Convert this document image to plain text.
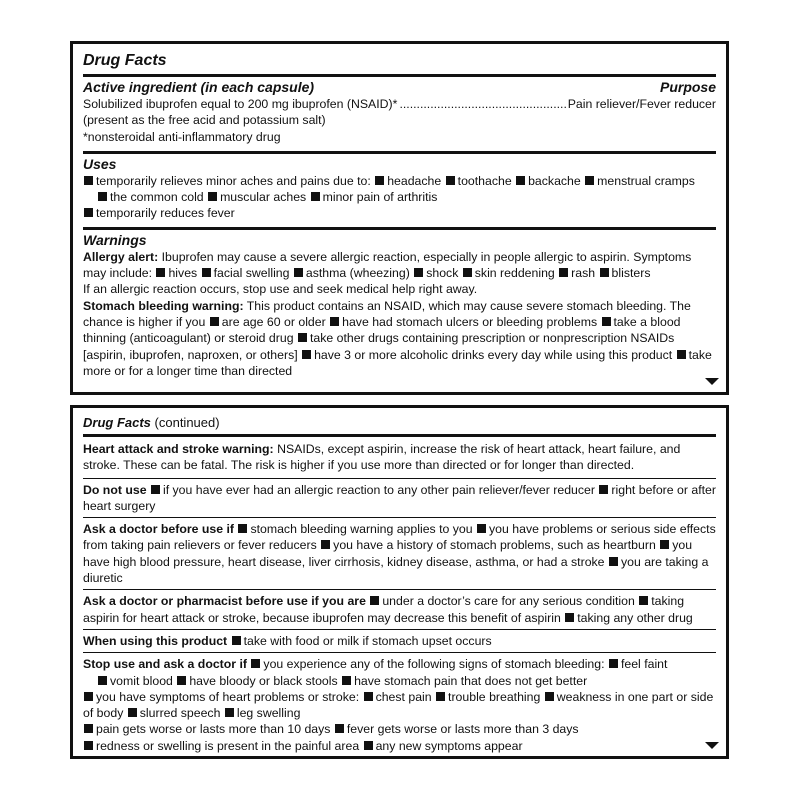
Drug Facts
Active ingredient (in each capsule)	Purpose
Solubilized ibuprofen equal to 200 mg ibuprofen (NSAID)*
.....	Pain reliever/Fever reducer

(present as the free acid and potassium salt)

*nonsteroidal anti-inflammatory drug

Uses

temporarily relieves minor aches and pains due to: headache toothache backache menstrual cramps

the common cold muscular aches minor pain of arthritis

temporarily reduces fever

Warnings

Allergy alert: Ibuprofen may cause a severe allergic reaction, especially in people allergic to aspirin. Symptoms may include: hives facial swelling asthma (wheezing) shock skin reddening rash blisters

If an allergic reaction occurs, stop use and seek medical help right away.

Stomach bleeding warning: This product contains an NSAID, which may cause severe stomach bleeding. The chance is higher if you are age 60 or older have had stomach ulcers or bleeding problems take a blood thinning (anticoagulant) or steroid drug take other drugs containing prescription or nonprescription NSAIDs [aspirin, ibuprofen, naproxen, or others] have 3 or more alcoholic drinks every day while using this product take more or for a longer time than directed

Drug Facts (continued)

Heart attack and stroke warning: NSAIDs, except aspirin, increase the risk of heart attack, heart failure, and stroke. These can be fatal. The risk is higher if you use more than directed or for longer than directed.

Do not use if you have ever had an allergic reaction to any other pain reliever/fever reducer right before or after heart surgery

Ask a doctor before use if stomach bleeding warning applies to you you have problems or serious side effects from taking pain relievers or fever reducers you have a history of stomach problems, such as heartburn you have high blood pressure, heart disease, liver cirrhosis, kidney disease, asthma, or had a stroke you are taking a diuretic

Ask a doctor or pharmacist before use if you are under a doctor’s care for any serious condition taking aspirin for heart attack or stroke, because ibuprofen may decrease this benefit of aspirin taking any other drug

When using this product take with food or milk if stomach upset occurs

Stop use and ask a doctor if you experience any of the following signs of stomach bleeding: feel faint

vomit blood have bloody or black stools have stomach pain that does not get better

you have symptoms of heart problems or stroke: chest pain trouble breathing weakness in one part or side of body slurred speech leg swelling

pain gets worse or lasts more than 10 days fever gets worse or lasts more than 3 days

redness or swelling is present in the painful area any new symptoms appear
